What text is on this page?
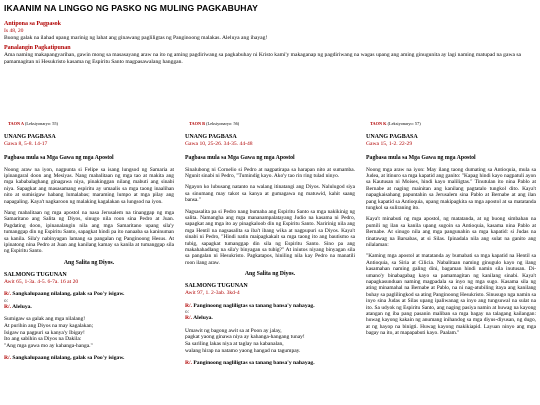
IKAANIM NA LINGGO NG PASKO NG MULING PAGKABUHAY
Antipona sa Pagpasok
Is 48, 20
Buong galak na ilahad upang marinig ng lahat ang ginawang pagliligtas ng Panginoong malakas. Aleluya ang ihayag!
Panalangin Pagkatipunan
Ama naming makapangyarihan, gawin mong sa masasayang araw na ito ng aming pagdiriwang sa pagkabuhay ni Kristo kami'y makaganap ng pagdiriwang na wagas upang ang aming ginugunita ay lagi naming matupad na gawa sa pamamagitan ni Hesukristo kasama ng Espiritu Santo magpasawalang hanggan.
TAON A (Leksiyonaryo: 55)
UNANG PAGBASA
Gawa 8, 5-8. 14-17
Pagbasa mula sa Mga Gawa ng mga Apostol
Noong araw na iyon, nagpunta si Felipe sa isang lungsod ng Samaria at ipinangaral doon ang Mesiyas. Nang mabalitaan ng mga tao at makita ang mga kababalaghang ginagawa niya, pinakinggan nilang mabuti ang sinabi niya. Sapagkat ang masasamang espiritu ay umaalis sa mga taong inaalihan nito at sumisigaw habang lumalabas; maraming lumpo at mga pilay ang napagaling. Kaya't nagkaroon ng malaking kagalakan sa lungsod na iyon.
Nang mabalitaan ng mga apostol na nasa Jerusalem na tinanggap ng mga Samaritano ang Salita ng Diyos, sinugo nila roon sina Pedro at Juan. Pagdating doon, ipinanalangin nila ang mga Samaritano upang sila'y tumanggap din ng Espiritu Santo, sapagkat hindi pa ito nanaaba sa kaninuman sa kanila. Sila'y nabinyagan lamang sa pangalan ng Panginoong Hesus. At ipinatong nina Pedro at Juan ang kanilang kamay sa kanila at tumanggap sila ng Espiritu Santo.
Ang Salita ng Diyos.
SALMONG TUGUNAN
Awit 65, 1-3a. 4-5. 6-7a. 16 at 20
R/. Sangkalupaang nilalang, galak sa Poo'y isigaw.
o:
R/. Aleluya.
Sumigaw sa galak ang mga nilalang!
At purihin ang Diyos na may kagalakan;
Isigaw na pagpuri sa kanya'y Ibigay!
Ito ang sabihin sa Diyos na Dakila:
"Ang mga gawa mo ay kahanga-hanga."
R/. Sangkalupaang nilalang, galak sa Poo'y isigaw.
TAON B (Leksiyonaryo: 56)
UNANG PAGBASA
Gawa 10, 25-26. 34-35. 44-48
Pagbasa mula sa Mga Gawa ng mga Apostol
Sinalubong ni Cornelio si Pedro at nagpatirapa sa harapan nito at sumamba. Ngunit sinabi ni Pedro, "Tumindig kayo. Ako'y tao rin ring tulad ninyo.
Ngayon ko lubusang natanto na walang itinatangi ang Diyos. Nalulugod siya sa sinumang may takot sa kanya at gumagawa ng matuwid, kahit saang bansa."
Nagsasalita pa si Pedro nang bumaba ang Espiritu Santo sa mga nakikinig ng salita. Namangha ang mga mananampalatayang Judio na kasama ni Pedro, sapagkat ang mga ito ay pinagkaloob din ng Espiritu Santo. Naririnig nila ang mga Hentil na nagsasalita sa iba't ibang wika at nagpupuri sa Diyos. Kaya't sinabi ni Pedro, "Hindi natin maipagkakait sa mga taong ito ang bautismo sa tubig, sapagkat tumanggap din sila ng Espiritu Santo. Sino pa ang makahahadlang na sila'y binyagan sa tubig?" At iniutos niyang binyagan sila sa pangalan ni Hesukristo. Pagkatapos, hiniling nila kay Pedro na manatili roon ilang araw.
Ang Salita ng Diyos.
SALMONG TUGUNAN
Awit 97, 1. 2-3ab. 3kd-4
R/. Panginoong nagliligtas sa tanang bansa'y nahayag.
o:
R/. Aleluya.
Umawit ng bagong awit sa at Poon ay jalay,
pagkat yaong ginawa niya ay kahanga-hangang tunay!
Sa sariling lakas niya at taglay na kabanalan,
walang hirap na natamo yaong hangad na tagumpay.
R/. Panginoong nagliligtas sa tanang bansa'y nahayag.
TAON K (Leksiyonaryo: 57)
UNANG PAGBASA
Gawa 15, 1-2. 22-29
Pagbasa mula sa Mga Gawa ng mga Apostol
Noong mga araw na iyon: May ilang taong dumating sa Antioquia, mula sa Judea, at itinuro sa mga kapatid ang ganito: "Kapag hindi kayo nagpatuli ayon sa Kautusan ni Moises, hindi kayo maliligtas." Tinutulan ito nina Pablo at Bernabe at naging mainitan ang kanilang pagtatalo tungkol dito. Kaya't napagkaisahang papuntahin sa Jerusalem sina Pablo at Bernabe at ang ilan pang kapatid sa Antioquia, upang makipagkita sa mga apostol at sa matatanda tungkol sa suliraning ito.
Kaya't minabuti ng mga apostol, ng matatanda, at ng buong simbahan na pumili ng ilan sa kanila upang sugoin sa Antioquia, kasama nina Pablo at Bernabe. At sinugo nila ang mga pangunahin sa mga kapatid: si Judas na tinatawag na Barsabas, at si Silas. Ipinadala nila ang sulat na ganito ang nilalaman:
"Kaming mga apostol at matatanda ay bumabati sa mga kapatid na Hentil sa Antioquia, sa Siria at Cilicia. Nabalitaan naming ginugulo kayo ng ilang kasamahan naming galing dini, bagaman hindi namin sila inutusan. Di-umano'y binabagabag kayo sa pamamagitan ng kanilang sinabi. Kaya't napagkasunduan naming magpadala sa inyo ng mga sugo. Kasama sila ng ating minamahal na Bernabe at Pablo, na ni nag-atubiling itaya ang kanilang buhay sa paglilingkod sa ating Panginoong Hesukristo. Sinusugo nga namin sa inyo sina Judas at Silas upang ipaliwanag sa inyo ang tungsuwal na sulat na ito. Sa udyok ng Espiritu Santo, ang naging pasiya namin at huwag na kayong atangan ng iba pang pasanin maliban sa mga bagay na talagang kailangan: huwag kayong kakain ng anumang inihandog sa mga diyus-diyusan, ng dugo, at ng hayop na binigti. Huwag kayong makikiapid. Layuan ninyo ang mga bagay na ito, at mapapabuti kayo. Paalam."
